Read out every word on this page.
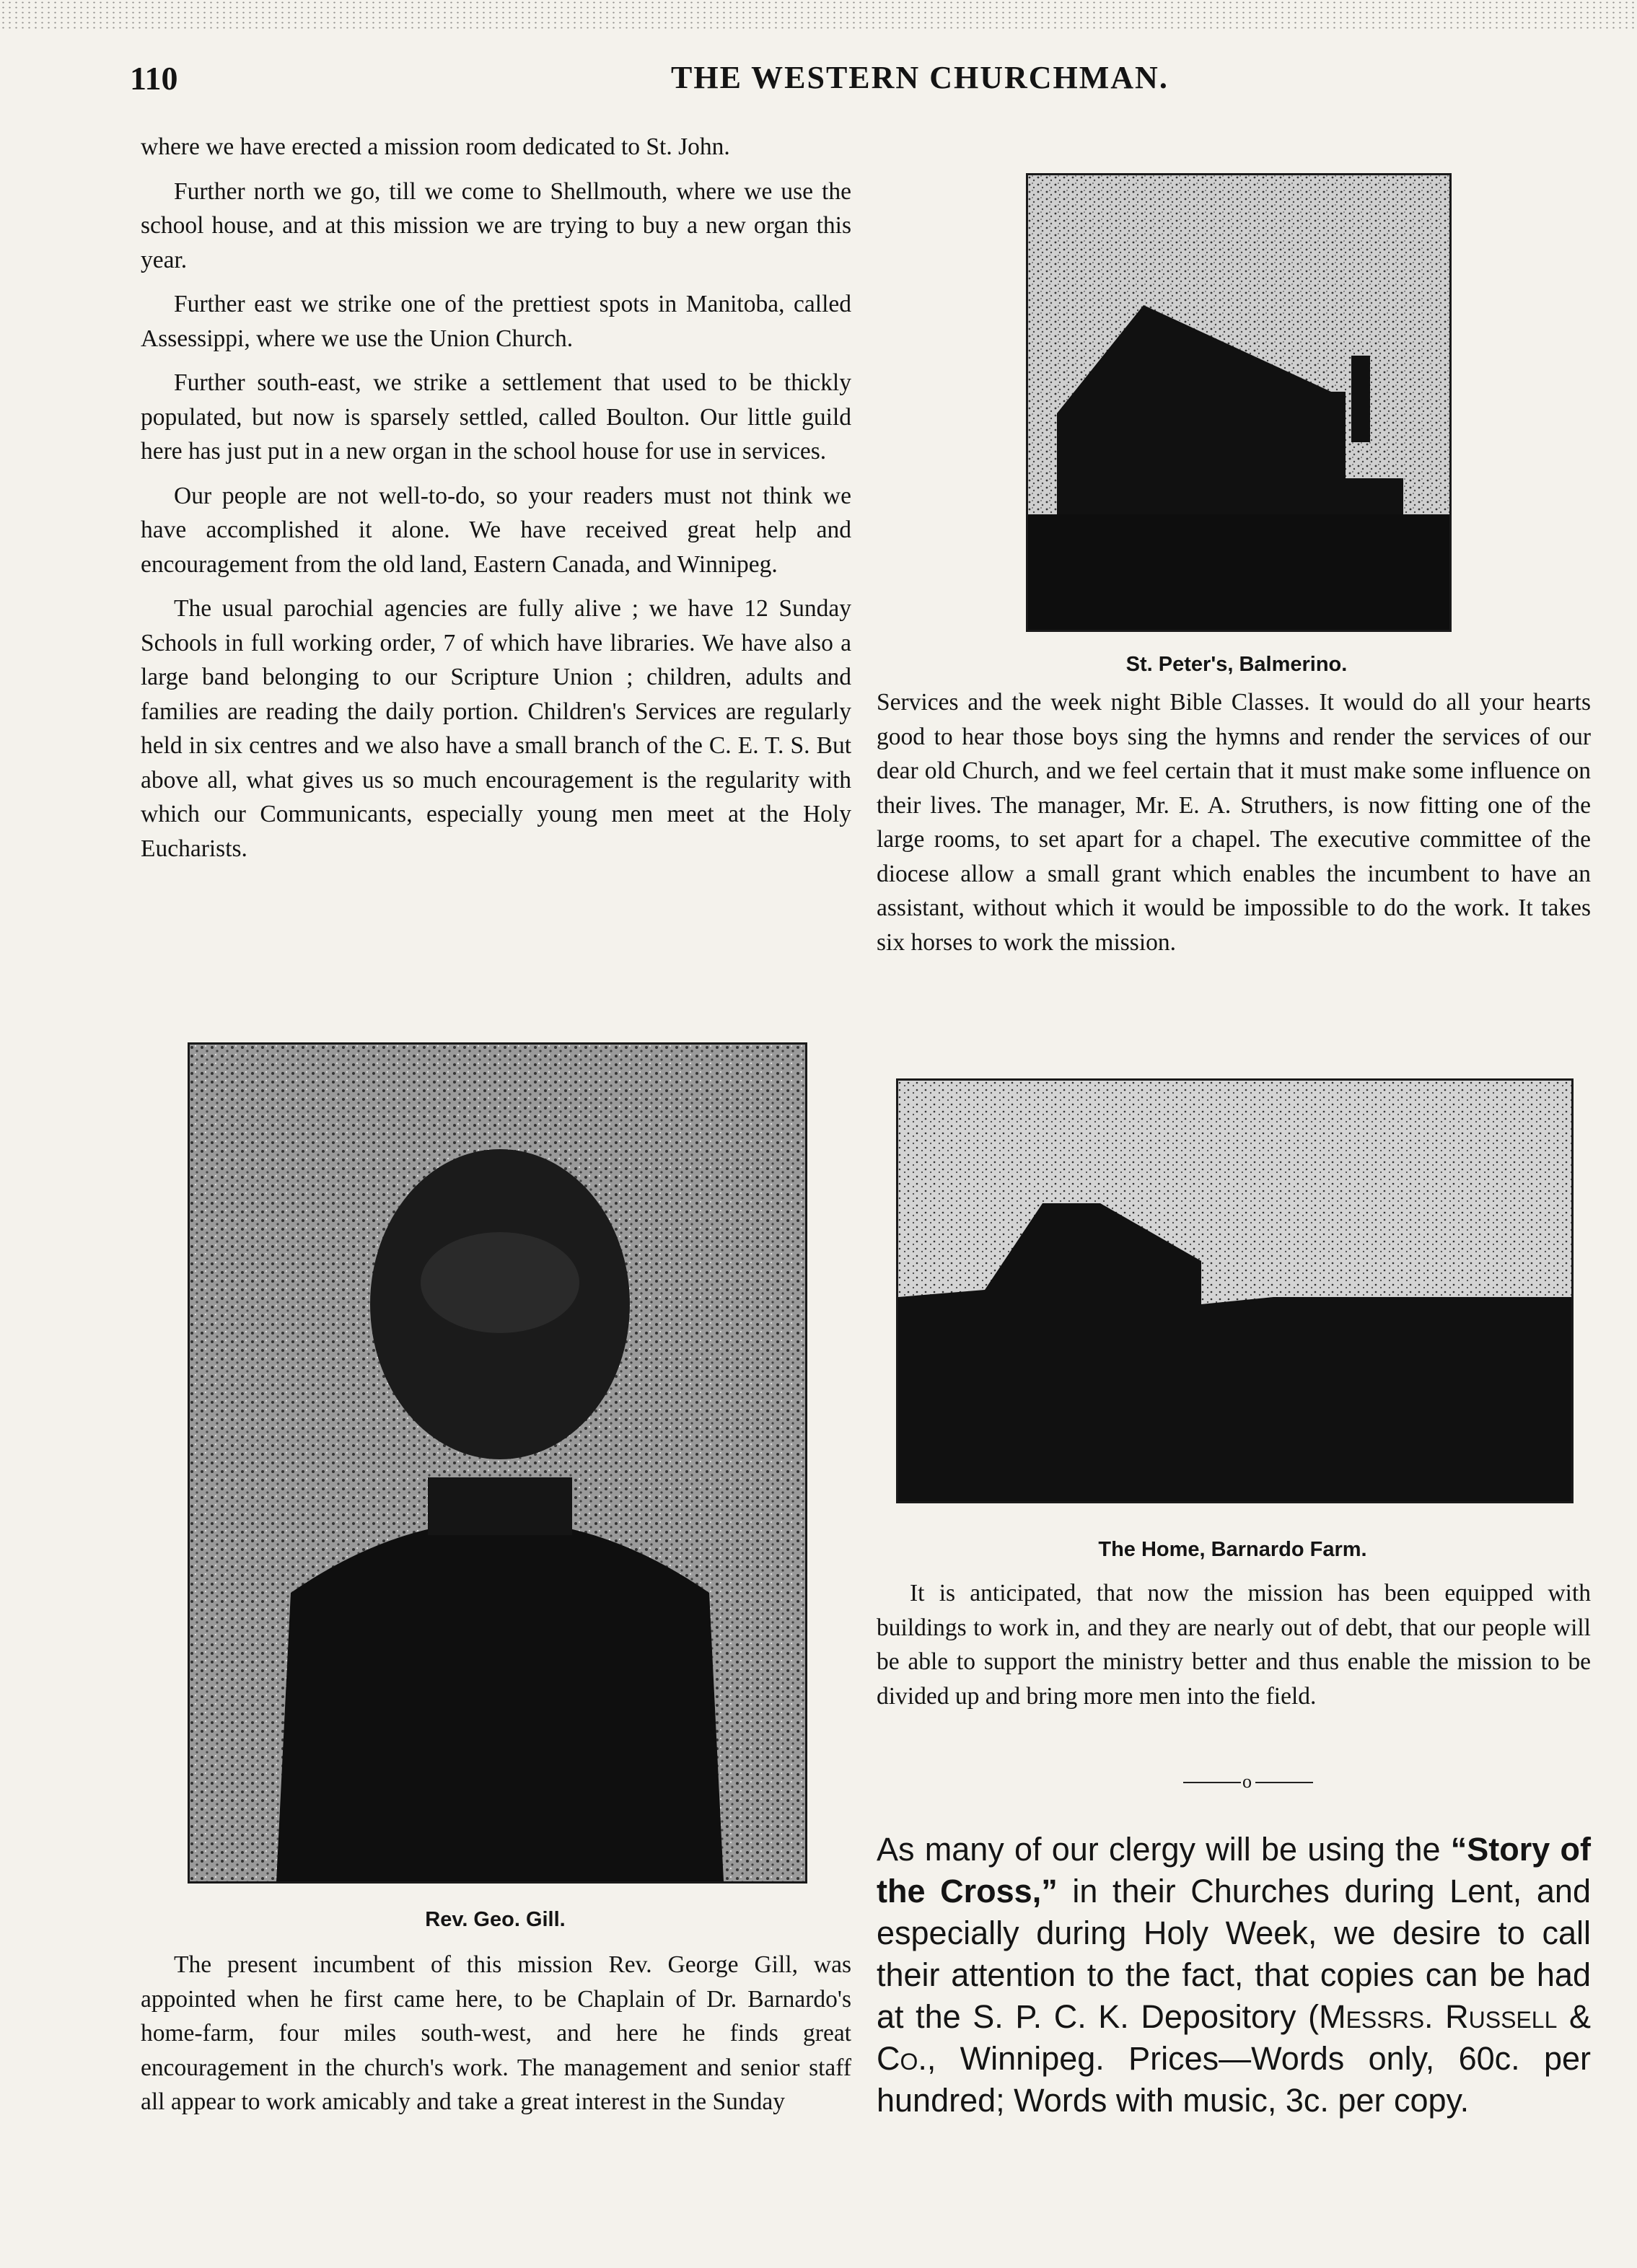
110	THE WESTERN CHURCHMAN.

where we have erected a mission room dedicated to St. John.

Further north we go, till we come to Shellmouth, where we use the school house, and at this mission we are trying to buy a new organ this year.

Further east we strike one of the prettiest spots in Manitoba, called Assessippi, where we use the Union Church.

Further south-east, we strike a settlement that used to be thickly populated, but now is sparsely settled, called Boulton. Our little guild here has just put in a new organ in the school house for use in services.

Our people are not well-to-do, so your readers must not think we have accomplished it alone. We have received great help and encouragement from the old land, Eastern Canada, and Winnipeg.

The usual parochial agencies are fully alive ; we have 12 Sunday Schools in full working order, 7 of which have libraries. We have also a large band belonging to our Scripture Union ; children, adults and families are reading the daily portion. Children's Services are regularly held in six centres and we also have a small branch of the C. E. T. S. But above all, what gives us so much encouragement is the regularity with which our Communicants, especially young men meet at the Holy Eucharists.

St. Peter's, Balmerino.

Services and the week night Bible Classes. It would do all your hearts good to hear those boys sing the hymns and render the services of our dear old Church, and we feel certain that it must make some influence on their lives. The manager, Mr. E. A. Struthers, is now fitting one of the large rooms, to set apart for a chapel. The executive committee of the diocese allow a small grant which enables the incumbent to have an assistant, without which it would be impossible to do the work. It takes six horses to work the mission.

Rev. Geo. Gill.

The present incumbent of this mission Rev. George Gill, was appointed when he first came here, to be Chaplain of Dr. Barnardo's home-farm, four miles south-west, and here he finds great encouragement in the church's work. The management and senior staff all appear to work amicably and take a great interest in the Sunday

The Home, Barnardo Farm.

It is anticipated, that now the mission has been equipped with buildings to work in, and they are nearly out of debt, that our people will be able to support the ministry better and thus enable the mission to be divided up and bring more men into the field.

o
As many of our clergy will be using the “Story of the Cross,” in their Churches during Lent, and especially during Holy Week, we desire to call their attention to the fact, that copies can be had at the S. P. C. K. Depository (Messrs. Russell & Co., Winnipeg. Prices—Words only, 60c. per hundred; Words with music, 3c. per copy.
